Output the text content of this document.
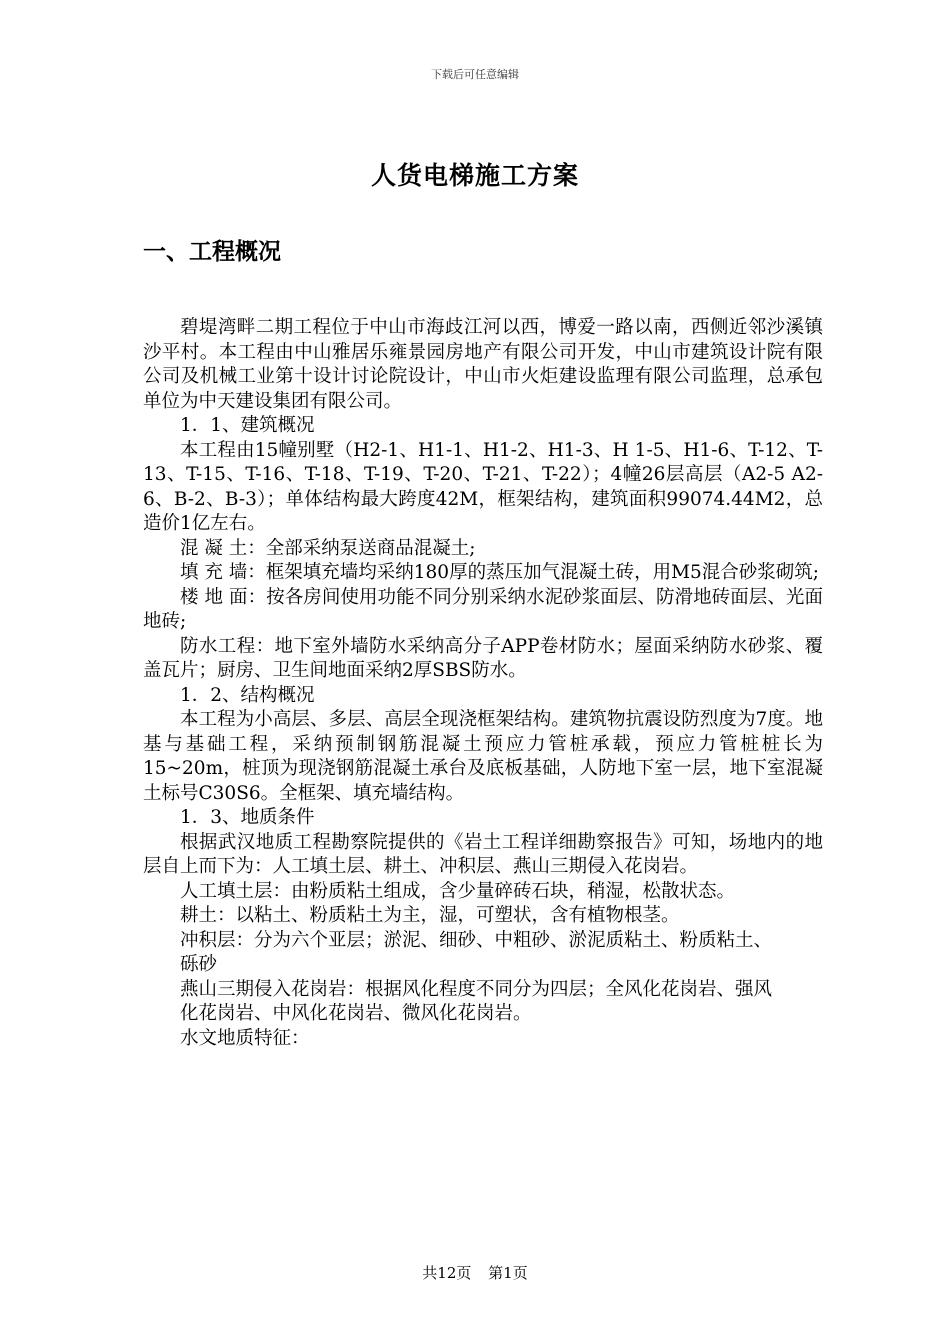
下载后可任意编辑
人货电梯施工方案
一、工程概况

碧堤湾畔二期工程位于中山市海歧江河以西，博爱一路以南，西侧近邻沙溪镇沙平村。本工程由中山雅居乐雍景园房地产有限公司开发，中山市建筑设计院有限公司及机械工业第十设计讨论院设计，中山市火炬建设监理有限公司监理，总承包单位为中天建设集团有限公司。

1．1、建筑概况

本工程由15幢别墅（H2-1、H1-1、H1-2、H1-3、H 1-5、H1-6、T-12、T-13、T-15、T-16、T-18、T-19、T-20、T-21、T-22）；4幢26层高层（A2-5 A2-6、B-2、B-3）；单体结构最大跨度42M，框架结构，建筑面积99074.44M2，总造价1亿左右。

混 凝 土：全部采纳泵送商品混凝土;

填 充 墙：框架填充墙均采纳180厚的蒸压加气混凝土砖，用M5混合砂浆砌筑;

楼 地 面：按各房间使用功能不同分别采纳水泥砂浆面层、防滑地砖面层、光面地砖;

防水工程：地下室外墙防水采纳高分子APP卷材防水；屋面采纳防水砂浆、覆盖瓦片；厨房、卫生间地面采纳2厚SBS防水。

1．2、结构概况

本工程为小高层、多层、高层全现浇框架结构。建筑物抗震设防烈度为7度。地基与基础工程，采纳预制钢筋混凝土预应力管桩承载，预应力管桩桩长为15~20m，桩顶为现浇钢筋混凝土承台及底板基础，人防地下室一层，地下室混凝土标号C30S6。全框架、填充墙结构。

1．3、地质条件

根据武汉地质工程勘察院提供的《岩土工程详细勘察报告》可知，场地内的地层自上而下为：人工填土层、耕土、冲积层、燕山三期侵入花岗岩。

人工填土层：由粉质粘土组成，含少量碎砖石块，稍湿，松散状态。

耕土：以粘土、粉质粘土为主，湿，可塑状，含有植物根茎。

冲积层：分为六个亚层；淤泥、细砂、中粗砂、淤泥质粘土、粉质粘土、

砾砂

燕山三期侵入花岗岩：根据风化程度不同分为四层；全风化花岗岩、强风

化花岗岩、中风化花岗岩、微风化花岗岩。

水文地质特征：

共12页 第1页
